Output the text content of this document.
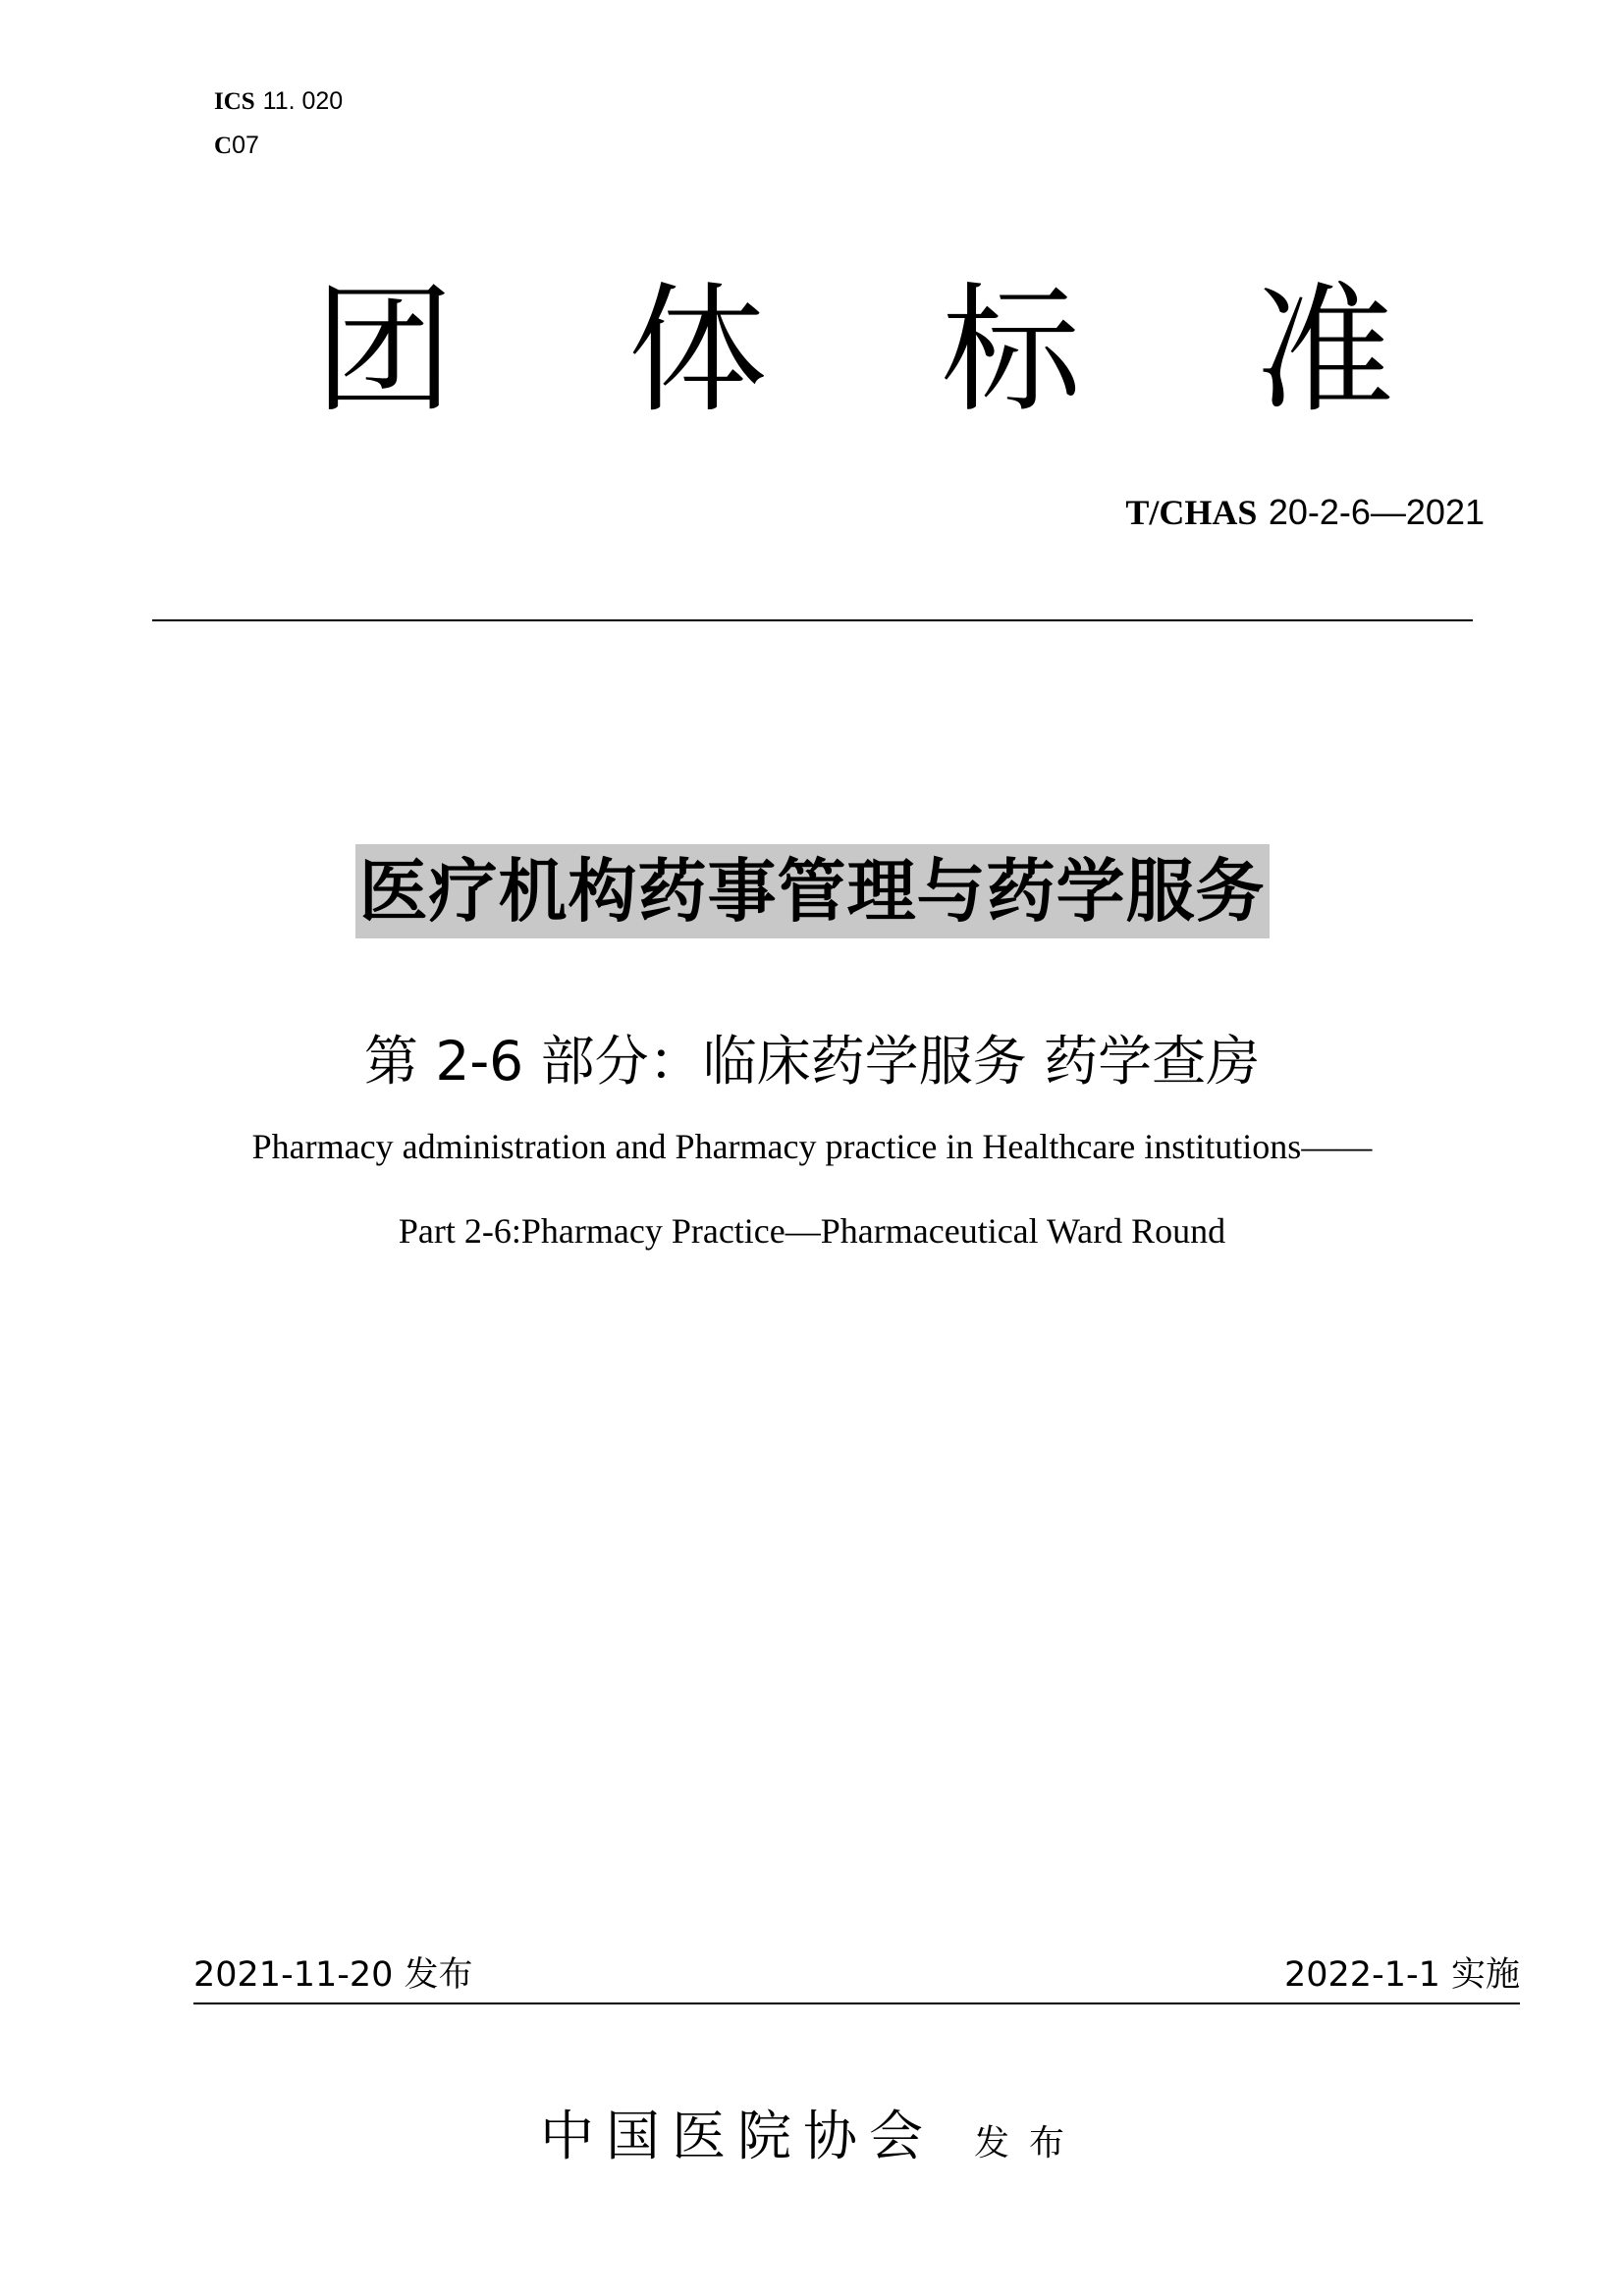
ICS 11. 020
C07
团 体 标 准
T/CHAS 20-2-6—2021
医疗机构药事管理与药学服务
第 2-6 部分：临床药学服务 药学查房
Pharmacy administration and Pharmacy practice in Healthcare institutions——
Part 2-6:Pharmacy Practice—Pharmaceutical Ward Round
2021-11-20 发布	2022-1-1 实施
中国医院协会 发布
